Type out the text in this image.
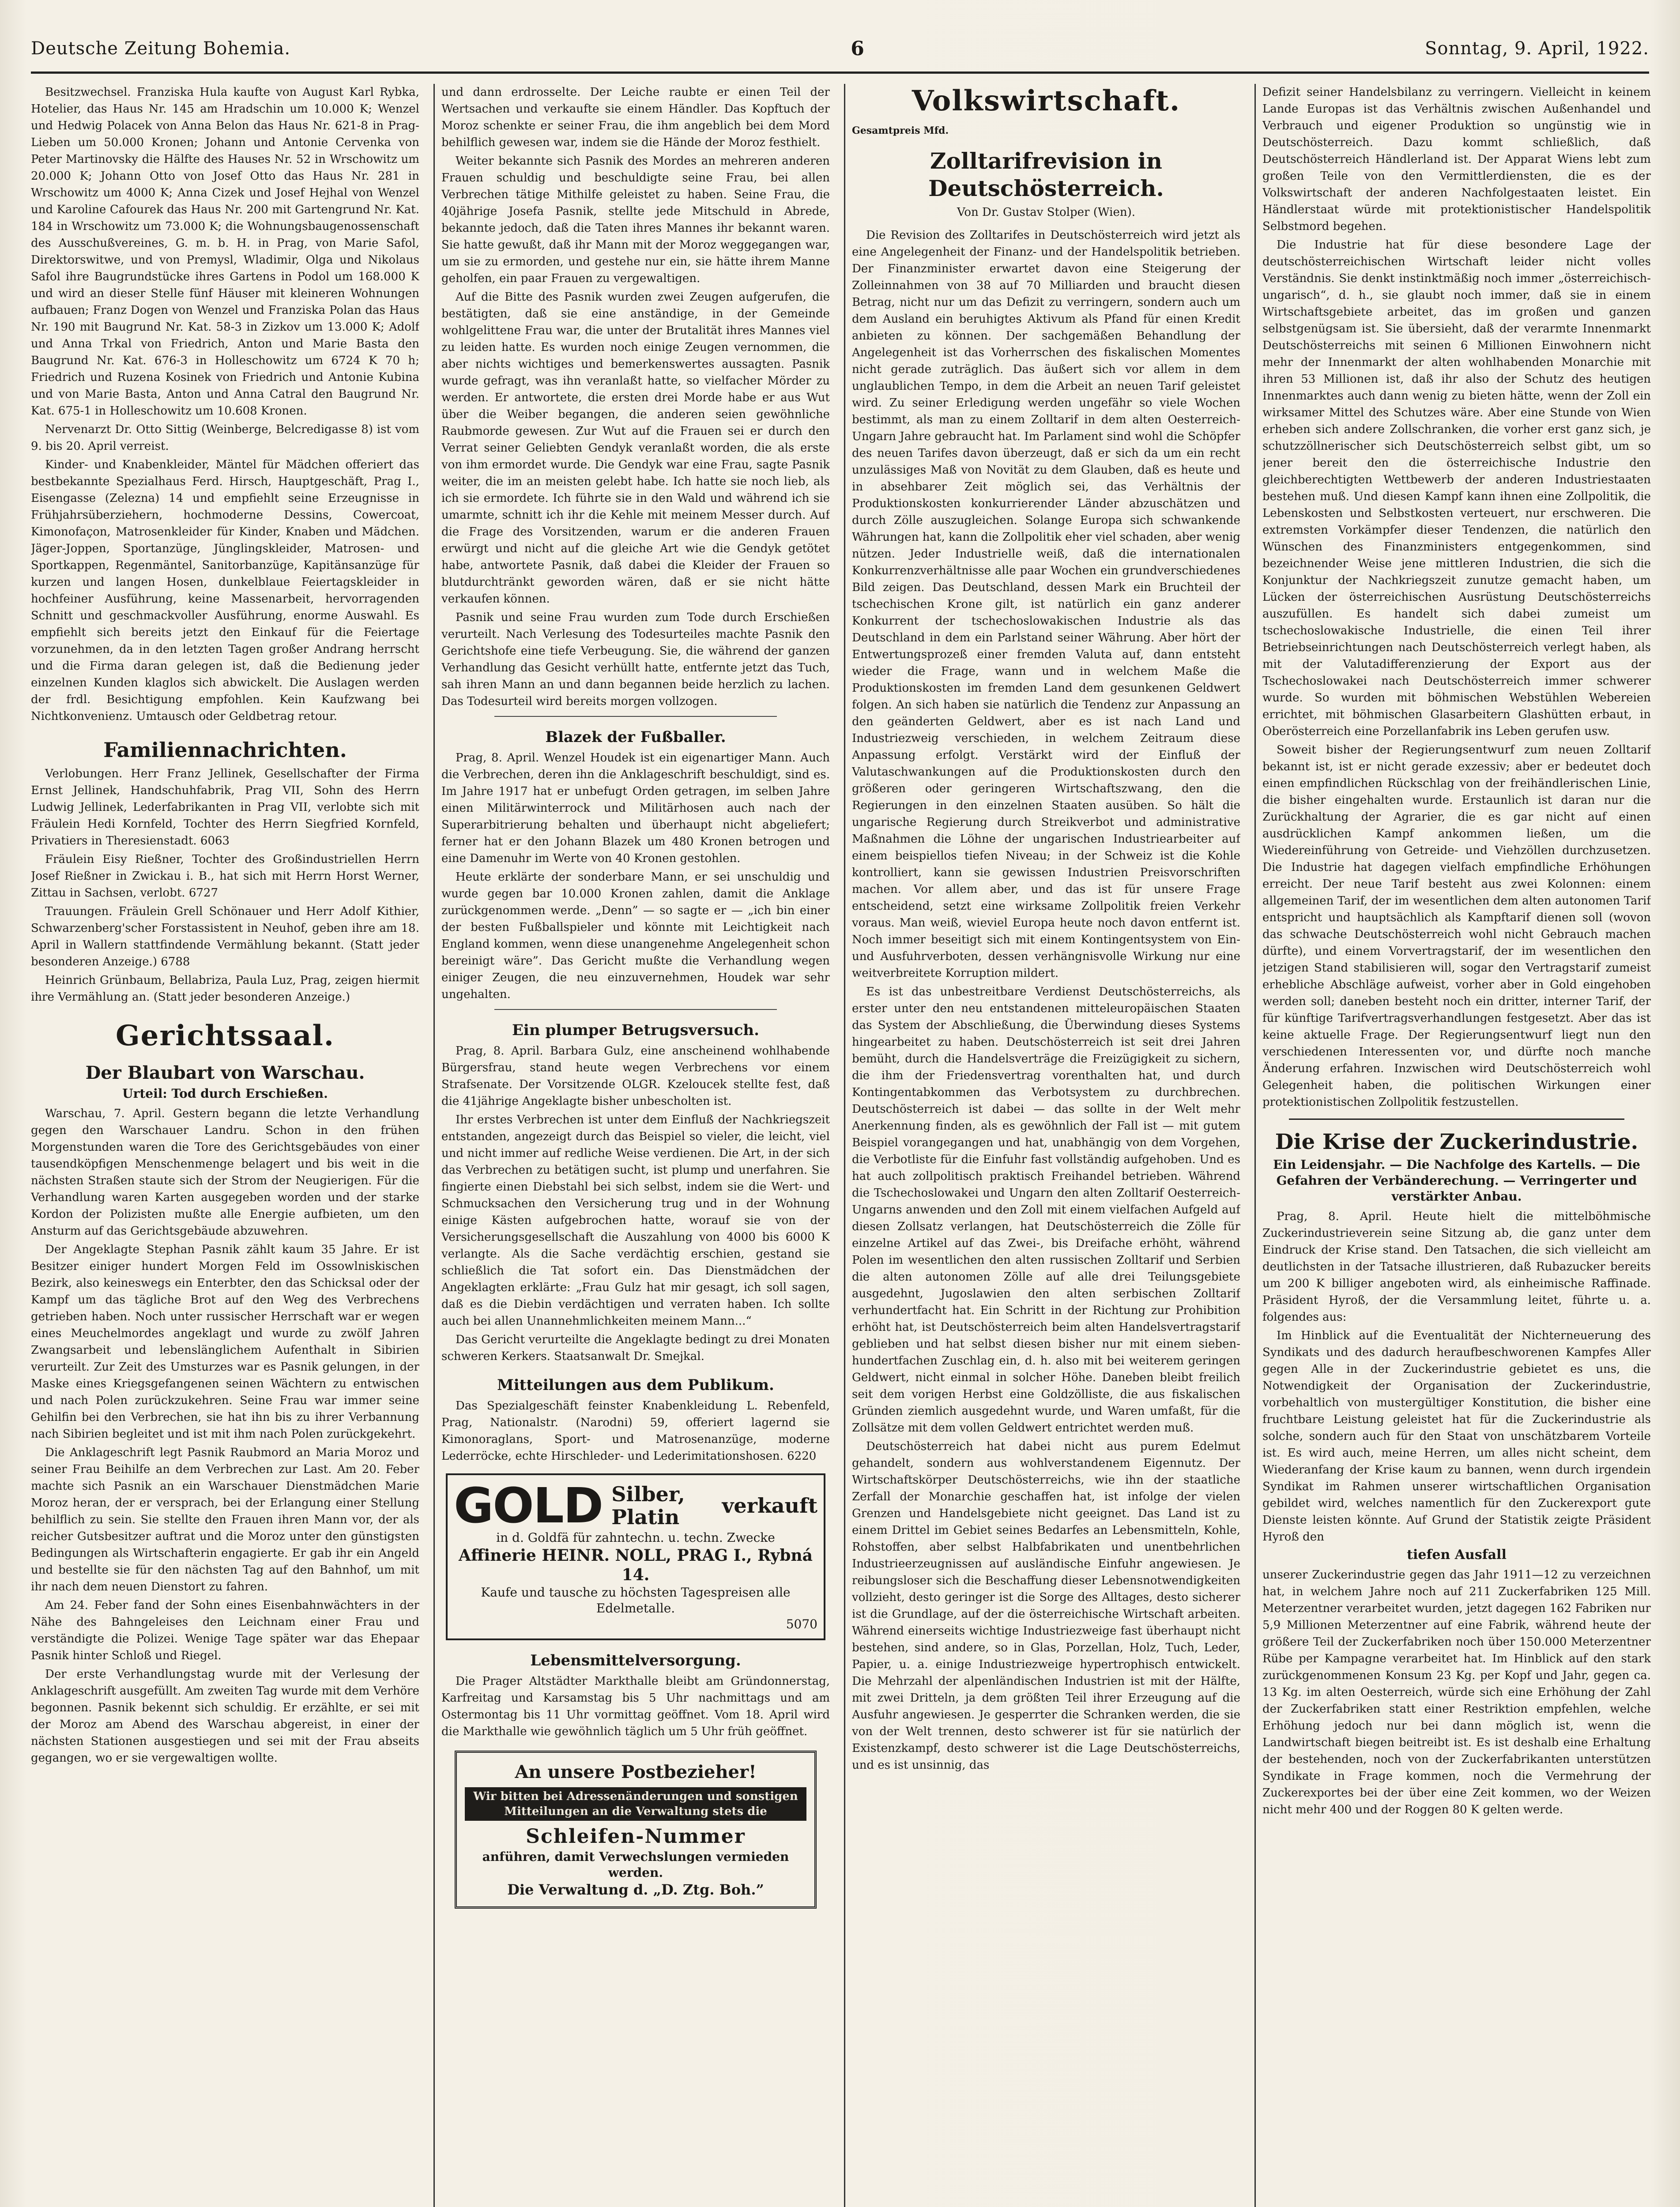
Deutsche Zeitung Bohemia.	6	Sonntag, 9. April, 1922.

Besitzwechsel. Franziska Hula kaufte von August Karl Rybka, Hotelier, das Haus Nr. 145 am Hradschin um 10.000 K; Wenzel und Hedwig Polacek von Anna Belon das Haus Nr. 621-8 in Prag-Lieben um 50.000 Kronen; Johann und Antonie Cervenka von Peter Martinovsky die Hälfte des Hauses Nr. 52 in Wrschowitz um 20.000 K; Johann Otto von Josef Otto das Haus Nr. 281 in Wrschowitz um 4000 K; Anna Cizek und Josef Hejhal von Wenzel und Karoline Cafourek das Haus Nr. 200 mit Gartengrund Nr. Kat. 184 in Wrschowitz um 73.000 K; die Wohnungsbaugenossenschaft des Ausschußvereines, G. m. b. H. in Prag, von Marie Safol, Direktorswitwe, und von Premysl, Wladimir, Olga und Nikolaus Safol ihre Baugrundstücke ihres Gartens in Podol um 168.000 K und wird an dieser Stelle fünf Häuser mit kleineren Wohnungen aufbauen; Franz Dogen von Wenzel und Franziska Polan das Haus Nr. 190 mit Baugrund Nr. Kat. 58-3 in Zizkov um 13.000 K; Adolf und Anna Trkal von Friedrich, Anton und Marie Basta den Baugrund Nr. Kat. 676-3 in Holleschowitz um 6724 K 70 h; Friedrich und Ruzena Kosinek von Friedrich und Antonie Kubina und von Marie Basta, Anton und Anna Catral den Baugrund Nr. Kat. 675-1 in Holleschowitz um 10.608 Kronen.

Nervenarzt Dr. Otto Sittig (Weinberge, Belcredigasse 8) ist vom 9. bis 20. April verreist.

Kinder- und Knabenkleider, Mäntel für Mädchen offeriert das bestbekannte Spezialhaus Ferd. Hirsch, Hauptgeschäft, Prag I., Eisengasse (Zelezna) 14 und empfiehlt seine Erzeugnisse in Frühjahrsüberziehern, hochmoderne Dessins, Cowercoat, Kimonofaçon, Matrosenkleider für Kinder, Knaben und Mädchen. Jäger-Joppen, Sportanzüge, Jünglingskleider, Matrosen- und Sportkappen, Regenmäntel, Sanitorbanzüge, Kapitänsanzüge für kurzen und langen Hosen, dunkelblaue Feiertagskleider in hochfeiner Ausführung, keine Massenarbeit, hervorragenden Schnitt und geschmackvoller Ausführung, enorme Auswahl. Es empfiehlt sich bereits jetzt den Einkauf für die Feiertage vorzunehmen, da in den letzten Tagen großer Andrang herrscht und die Firma daran gelegen ist, daß die Bedienung jeder einzelnen Kunden klaglos sich abwickelt. Die Auslagen werden der frdl. Besichtigung empfohlen. Kein Kaufzwang bei Nichtkonvenienz. Umtausch oder Geldbetrag retour.

Familiennachrichten.

Verlobungen. Herr Franz Jellinek, Gesellschafter der Firma Ernst Jellinek, Handschuhfabrik, Prag VII, Sohn des Herrn Ludwig Jellinek, Lederfabrikanten in Prag VII, verlobte sich mit Fräulein Hedi Kornfeld, Tochter des Herrn Siegfried Kornfeld, Privatiers in Theresienstadt. 6063

Fräulein Eisy Rießner, Tochter des Großindustriellen Herrn Josef Rießner in Zwickau i. B., hat sich mit Herrn Horst Werner, Zittau in Sachsen, verlobt. 6727

Trauungen. Fräulein Grell Schönauer und Herr Adolf Kithier, Schwarzenberg'scher Forstassistent in Neuhof, geben ihre am 18. April in Wallern stattfindende Vermählung bekannt. (Statt jeder besonderen Anzeige.) 6788

Heinrich Grünbaum, Bellabriza, Paula Luz, Prag, zeigen hiermit ihre Vermählung an. (Statt jeder besonderen Anzeige.)

Gerichtssaal.
Der Blaubart von Warschau.
Urteil: Tod durch Erschießen.

Warschau, 7. April. Gestern begann die letzte Verhandlung gegen den Warschauer Landru. Schon in den frühen Morgenstunden waren die Tore des Gerichtsgebäudes von einer tausendköpfigen Menschenmenge belagert und bis weit in die nächsten Straßen staute sich der Strom der Neugierigen. Für die Verhandlung waren Karten ausgegeben worden und der starke Kordon der Polizisten mußte alle Energie aufbieten, um den Ansturm auf das Gerichtsgebäude abzuwehren.

Der Angeklagte Stephan Pasnik zählt kaum 35 Jahre. Er ist Besitzer einiger hundert Morgen Feld im Ossowlniskischen Bezirk, also keineswegs ein Enterbter, den das Schicksal oder der Kampf um das tägliche Brot auf den Weg des Verbrechens getrieben haben. Noch unter russischer Herrschaft war er wegen eines Meuchelmordes angeklagt und wurde zu zwölf Jahren Zwangsarbeit und lebenslänglichem Aufenthalt in Sibirien verurteilt. Zur Zeit des Umsturzes war es Pasnik gelungen, in der Maske eines Kriegsgefangenen seinen Wächtern zu entwischen und nach Polen zurückzukehren. Seine Frau war immer seine Gehilfin bei den Verbrechen, sie hat ihn bis zu ihrer Verbannung nach Sibirien begleitet und ist mit ihm nach Polen zurückgekehrt.

Die Anklageschrift legt Pasnik Raubmord an Maria Moroz und seiner Frau Beihilfe an dem Verbrechen zur Last. Am 20. Feber machte sich Pasnik an ein Warschauer Dienstmädchen Marie Moroz heran, der er versprach, bei der Erlangung einer Stellung behilflich zu sein. Sie stellte den Frauen ihren Mann vor, der als reicher Gutsbesitzer auftrat und die Moroz unter den günstigsten Bedingungen als Wirtschafterin engagierte. Er gab ihr ein Angeld und bestellte sie für den nächsten Tag auf den Bahnhof, um mit ihr nach dem neuen Dienstort zu fahren.

Am 24. Feber fand der Sohn eines Eisenbahnwächters in der Nähe des Bahngeleises den Leichnam einer Frau und verständigte die Polizei. Wenige Tage später war das Ehepaar Pasnik hinter Schloß und Riegel.

Der erste Verhandlungstag wurde mit der Verlesung der Anklageschrift ausgefüllt. Am zweiten Tag wurde mit dem Verhöre begonnen. Pasnik bekennt sich schuldig. Er erzählte, er sei mit der Moroz am Abend des Warschau abgereist, in einer der nächsten Stationen ausgestiegen und sei mit der Frau abseits gegangen, wo er sie vergewaltigen wollte.

und dann erdrosselte. Der Leiche raubte er einen Teil der Wertsachen und verkaufte sie einem Händler. Das Kopftuch der Moroz schenkte er seiner Frau, die ihm angeblich bei dem Mord behilflich gewesen war, indem sie die Hände der Moroz festhielt.

Weiter bekannte sich Pasnik des Mordes an mehreren anderen Frauen schuldig und beschuldigte seine Frau, bei allen Verbrechen tätige Mithilfe geleistet zu haben. Seine Frau, die 40jährige Josefa Pasnik, stellte jede Mitschuld in Abrede, bekannte jedoch, daß die Taten ihres Mannes ihr bekannt waren. Sie hatte gewußt, daß ihr Mann mit der Moroz weggegangen war, um sie zu ermorden, und gestehe nur ein, sie hätte ihrem Manne geholfen, ein paar Frauen zu vergewaltigen.

Auf die Bitte des Pasnik wurden zwei Zeugen aufgerufen, die bestätigten, daß sie eine anständige, in der Gemeinde wohlgelittene Frau war, die unter der Brutalität ihres Mannes viel zu leiden hatte. Es wurden noch einige Zeugen vernommen, die aber nichts wichtiges und bemerkenswertes aussagten. Pasnik wurde gefragt, was ihn veranlaßt hatte, so vielfacher Mörder zu werden. Er antwortete, die ersten drei Morde habe er aus Wut über die Weiber begangen, die anderen seien gewöhnliche Raubmorde gewesen. Zur Wut auf die Frauen sei er durch den Verrat seiner Geliebten Gendyk veranlaßt worden, die als erste von ihm ermordet wurde. Die Gendyk war eine Frau, sagte Pasnik weiter, die im an meisten gelebt habe. Ich hatte sie noch lieb, als ich sie ermordete. Ich führte sie in den Wald und während ich sie umarmte, schnitt ich ihr die Kehle mit meinem Messer durch. Auf die Frage des Vorsitzenden, warum er die anderen Frauen erwürgt und nicht auf die gleiche Art wie die Gendyk getötet habe, antwortete Pasnik, daß dabei die Kleider der Frauen so blutdurchtränkt geworden wären, daß er sie nicht hätte verkaufen können.

Pasnik und seine Frau wurden zum Tode durch Erschießen verurteilt. Nach Verlesung des Todesurteiles machte Pasnik den Gerichtshofe eine tiefe Verbeugung. Sie, die während der ganzen Verhandlung das Gesicht verhüllt hatte, entfernte jetzt das Tuch, sah ihren Mann an und dann begannen beide herzlich zu lachen. Das Todesurteil wird bereits morgen vollzogen.

Blazek der Fußballer.

Prag, 8. April. Wenzel Houdek ist ein eigenartiger Mann. Auch die Verbrechen, deren ihn die Anklageschrift beschuldigt, sind es. Im Jahre 1917 hat er unbefugt Orden getragen, im selben Jahre einen Militärwinterrock und Militärhosen auch nach der Superarbitrierung behalten und überhaupt nicht abgeliefert; ferner hat er den Johann Blazek um 480 Kronen betrogen und eine Damenuhr im Werte von 40 Kronen gestohlen.

Heute erklärte der sonderbare Mann, er sei unschuldig und wurde gegen bar 10.000 Kronen zahlen, damit die Anklage zurückgenommen werde. „Denn” — so sagte er — „ich bin einer der besten Fußballspieler und könnte mit Leichtigkeit nach England kommen, wenn diese unangenehme Angelegenheit schon bereinigt wäre”. Das Gericht mußte die Verhandlung wegen einiger Zeugen, die neu einzuvernehmen, Houdek war sehr ungehalten.

Ein plumper Betrugsversuch.

Prag, 8. April. Barbara Gulz, eine anscheinend wohlhabende Bürgersfrau, stand heute wegen Verbrechens vor einem Strafsenate. Der Vorsitzende OLGR. Kzeloucek stellte fest, daß die 41jährige Angeklagte bisher unbescholten ist.

Ihr erstes Verbrechen ist unter dem Einfluß der Nachkriegszeit entstanden, angezeigt durch das Beispiel so vieler, die leicht, viel und nicht immer auf redliche Weise verdienen. Die Art, in der sich das Verbrechen zu betätigen sucht, ist plump und unerfahren. Sie fingierte einen Diebstahl bei sich selbst, indem sie die Wert- und Schmucksachen den Versicherung trug und in der Wohnung einige Kästen aufgebrochen hatte, worauf sie von der Versicherungsgesellschaft die Auszahlung von 4000 bis 6000 K verlangte. Als die Sache verdächtig erschien, gestand sie schließlich die Tat sofort ein. Das Dienstmädchen der Angeklagten erklärte: „Frau Gulz hat mir gesagt, ich soll sagen, daß es die Diebin verdächtigen und verraten haben. Ich sollte auch bei allen Unannehmlichkeiten meinem Mann...“

Das Gericht verurteilte die Angeklagte bedingt zu drei Monaten schweren Kerkers. Staatsanwalt Dr. Smejkal.

Mitteilungen aus dem Publikum.

Das Spezialgeschäft feinster Knabenkleidung L. Rebenfeld, Prag, Nationalstr. (Narodni) 59, offeriert lagernd sie Kimonoraglans, Sport- und Matrosenanzüge, moderne Lederröcke, echte Hirschleder- und Lederimitationshosen. 6220

GOLD Silber, Platin	verkauft
in d. Goldfä für zahntechn. u. techn. Zwecke
Affinerie HEINR. NOLL, PRAG I., Rybná 14.
Kaufe und tausche zu höchsten Tagespreisen alle Edelmetalle.
5070
Lebensmittelversorgung.

Die Prager Altstädter Markthalle bleibt am Gründonnerstag, Karfreitag und Karsamstag bis 5 Uhr nachmittags und am Ostermontag bis 11 Uhr vormittag geöffnet. Vom 18. April wird die Markthalle wie gewöhnlich täglich um 5 Uhr früh geöffnet.

An unsere Postbezieher!
Wir bitten bei Adressenänderungen und sonstigen Mitteilungen an die Verwaltung stets die
Schleifen-Nummer
anführen, damit Verwechslungen vermieden werden.
Die Verwaltung d. „D. Ztg. Boh.”
Volkswirtschaft.
Gesamtpreis Mfd.
Zolltarifrevision in Deutschösterreich.
Von Dr. Gustav Stolper (Wien).

Die Revision des Zolltarifes in Deutschösterreich wird jetzt als eine Angelegenheit der Finanz- und der Handelspolitik betrieben. Der Finanzminister erwartet davon eine Steigerung der Zolleinnahmen von 38 auf 70 Milliarden und braucht diesen Betrag, nicht nur um das Defizit zu verringern, sondern auch um dem Ausland ein beruhigtes Aktivum als Pfand für einen Kredit anbieten zu können. Der sachgemäßen Behandlung der Angelegenheit ist das Vorherrschen des fiskalischen Momentes nicht gerade zuträglich. Das äußert sich vor allem in dem unglaublichen Tempo, in dem die Arbeit an neuen Tarif geleistet wird. Zu seiner Erledigung werden ungefähr so viele Wochen bestimmt, als man zu einem Zolltarif in dem alten Oesterreich-Ungarn Jahre gebraucht hat. Im Parlament sind wohl die Schöpfer des neuen Tarifes davon überzeugt, daß er sich da um ein recht unzulässiges Maß von Novität zu dem Glauben, daß es heute und in absehbarer Zeit möglich sei, das Verhältnis der Produktionskosten konkurrierender Länder abzuschätzen und durch Zölle auszugleichen. Solange Europa sich schwankende Währungen hat, kann die Zollpolitik eher viel schaden, aber wenig nützen. Jeder Industrielle weiß, daß die internationalen Konkurrenzverhältnisse alle paar Wochen ein grundverschiedenes Bild zeigen. Das Deutschland, dessen Mark ein Bruchteil der tschechischen Krone gilt, ist natürlich ein ganz anderer Konkurrent der tschechoslowakischen Industrie als das Deutschland in dem ein Parlstand seiner Währung. Aber hört der Entwertungsprozeß einer fremden Valuta auf, dann entsteht wieder die Frage, wann und in welchem Maße die Produktionskosten im fremden Land dem gesunkenen Geldwert folgen. An sich haben sie natürlich die Tendenz zur Anpassung an den geänderten Geldwert, aber es ist nach Land und Industriezweig verschieden, in welchem Zeitraum diese Anpassung erfolgt. Verstärkt wird der Einfluß der Valutaschwankungen auf die Produktionskosten durch den größeren oder geringeren Wirtschaftszwang, den die Regierungen in den einzelnen Staaten ausüben. So hält die ungarische Regierung durch Streikverbot und administrative Maßnahmen die Löhne der ungarischen Industriearbeiter auf einem beispiellos tiefen Niveau; in der Schweiz ist die Kohle kontrolliert, kann sie gewissen Industrien Preisvorschriften machen. Vor allem aber, und das ist für unsere Frage entscheidend, setzt eine wirksame Zollpolitik freien Verkehr voraus. Man weiß, wieviel Europa heute noch davon entfernt ist. Noch immer beseitigt sich mit einem Kontingentsystem von Ein- und Ausfuhrverboten, dessen verhängnisvolle Wirkung nur eine weitverbreitete Korruption mildert.

Es ist das unbestreitbare Verdienst Deutschösterreichs, als erster unter den neu entstandenen mitteleuropäischen Staaten das System der Abschließung, die Überwindung dieses Systems hingearbeitet zu haben. Deutschösterreich ist seit drei Jahren bemüht, durch die Handelsverträge die Freizügigkeit zu sichern, die ihm der Friedensvertrag vorenthalten hat, und durch Kontingentabkommen das Verbotsystem zu durchbrechen. Deutschösterreich ist dabei — das sollte in der Welt mehr Anerkennung finden, als es gewöhnlich der Fall ist — mit gutem Beispiel vorangegangen und hat, unabhängig von dem Vorgehen, die Verbotliste für die Einfuhr fast vollständig aufgehoben. Und es hat auch zollpolitisch praktisch Freihandel betrieben. Während die Tschechoslowakei und Ungarn den alten Zolltarif Oesterreich-Ungarns anwenden und den Zoll mit einem vielfachen Aufgeld auf diesen Zollsatz verlangen, hat Deutschösterreich die Zölle für einzelne Artikel auf das Zwei-, bis Dreifache erhöht, während Polen im wesentlichen den alten russischen Zolltarif und Serbien die alten autonomen Zölle auf alle drei Teilungsgebiete ausgedehnt, Jugoslawien den alten serbischen Zolltarif verhundertfacht hat. Ein Schritt in der Richtung zur Prohibition erhöht hat, ist Deutschösterreich beim alten Handelsvertragstarif geblieben und hat selbst diesen bisher nur mit einem sieben-hundertfachen Zuschlag ein, d. h. also mit bei weiterem geringen Geldwert, nicht einmal in solcher Höhe. Daneben bleibt freilich seit dem vorigen Herbst eine Goldzölliste, die aus fiskalischen Gründen ziemlich ausgedehnt wurde, und Waren umfaßt, für die Zollsätze mit dem vollen Geldwert entrichtet werden muß.

Deutschösterreich hat dabei nicht aus purem Edelmut gehandelt, sondern aus wohlverstandenem Eigennutz. Der Wirtschaftskörper Deutschösterreichs, wie ihn der staatliche Zerfall der Monarchie geschaffen hat, ist infolge der vielen Grenzen und Handelsgebiete nicht geeignet. Das Land ist zu einem Drittel im Gebiet seines Bedarfes an Lebensmitteln, Kohle, Rohstoffen, aber selbst Halbfabrikaten und unentbehrlichen Industrieerzeugnissen auf ausländische Einfuhr angewiesen. Je reibungsloser sich die Beschaffung dieser Lebensnotwendigkeiten vollzieht, desto geringer ist die Sorge des Alltages, desto sicherer ist die Grundlage, auf der die österreichische Wirtschaft arbeiten. Während einerseits wichtige Industriezweige fast überhaupt nicht bestehen, sind andere, so in Glas, Porzellan, Holz, Tuch, Leder, Papier, u. a. einige Industriezweige hypertrophisch entwickelt. Die Mehrzahl der alpenländischen Industrien ist mit der Hälfte, mit zwei Dritteln, ja dem größten Teil ihrer Erzeugung auf die Ausfuhr angewiesen. Je gesperrter die Schranken werden, die sie von der Welt trennen, desto schwerer ist für sie natürlich der Existenzkampf, desto schwerer ist die Lage Deutschösterreichs, und es ist unsinnig, das

Defizit seiner Handelsbilanz zu verringern. Vielleicht in keinem Lande Europas ist das Verhältnis zwischen Außenhandel und Verbrauch und eigener Produktion so ungünstig wie in Deutschösterreich. Dazu kommt schließlich, daß Deutschösterreich Händlerland ist. Der Apparat Wiens lebt zum großen Teile von den Vermittlerdiensten, die es der Volkswirtschaft der anderen Nachfolgestaaten leistet. Ein Händlerstaat würde mit protektionistischer Handelspolitik Selbstmord begehen.

Die Industrie hat für diese besondere Lage der deutschösterreichischen Wirtschaft leider nicht volles Verständnis. Sie denkt instinktmäßig noch immer „österreichisch-ungarisch“, d. h., sie glaubt noch immer, daß sie in einem Wirtschaftsgebiete arbeitet, das im großen und ganzen selbstgenügsam ist. Sie übersieht, daß der verarmte Innenmarkt Deutschösterreichs mit seinen 6 Millionen Einwohnern nicht mehr der Innenmarkt der alten wohlhabenden Monarchie mit ihren 53 Millionen ist, daß ihr also der Schutz des heutigen Innenmarktes auch dann wenig zu bieten hätte, wenn der Zoll ein wirksamer Mittel des Schutzes wäre. Aber eine Stunde von Wien erheben sich andere Zollschranken, die vorher erst ganz sich, je schutzzöllnerischer sich Deutschösterreich selbst gibt, um so jener bereit den die österreichische Industrie den gleichberechtigten Wettbewerb der anderen Industriestaaten bestehen muß. Und diesen Kampf kann ihnen eine Zollpolitik, die Lebenskosten und Selbstkosten verteuert, nur erschweren. Die extremsten Vorkämpfer dieser Tendenzen, die natürlich den Wünschen des Finanzministers entgegenkommen, sind bezeichnender Weise jene mittleren Industrien, die sich die Konjunktur der Nachkriegszeit zunutze gemacht haben, um Lücken der österreichischen Ausrüstung Deutschösterreichs auszufüllen. Es handelt sich dabei zumeist um tschechoslowakische Industrielle, die einen Teil ihrer Betriebseinrichtungen nach Deutschösterreich verlegt haben, als mit der Valutadifferenzierung der Export aus der Tschechoslowakei nach Deutschösterreich immer schwerer wurde. So wurden mit böhmischen Webstühlen Webereien errichtet, mit böhmischen Glasarbeitern Glashütten erbaut, in Oberösterreich eine Porzellanfabrik ins Leben gerufen usw.

Soweit bisher der Regierungsentwurf zum neuen Zolltarif bekannt ist, ist er nicht gerade exzessiv; aber er bedeutet doch einen empfindlichen Rückschlag von der freihändlerischen Linie, die bisher eingehalten wurde. Erstaunlich ist daran nur die Zurückhaltung der Agrarier, die es gar nicht auf einen ausdrücklichen Kampf ankommen ließen, um die Wiedereinführung von Getreide- und Viehzöllen durchzusetzen. Die Industrie hat dagegen vielfach empfindliche Erhöhungen erreicht. Der neue Tarif besteht aus zwei Kolonnen: einem allgemeinen Tarif, der im wesentlichen dem alten autonomen Tarif entspricht und hauptsächlich als Kampftarif dienen soll (wovon das schwache Deutschösterreich wohl nicht Gebrauch machen dürfte), und einem Vorvertragstarif, der im wesentlichen den jetzigen Stand stabilisieren will, sogar den Vertragstarif zumeist erhebliche Abschläge aufweist, vorher aber in Gold eingehoben werden soll; daneben besteht noch ein dritter, interner Tarif, der für künftige Tarifvertragsverhandlungen festgesetzt. Aber das ist keine aktuelle Frage. Der Regierungsentwurf liegt nun den verschiedenen Interessenten vor, und dürfte noch manche Änderung erfahren. Inzwischen wird Deutschösterreich wohl Gelegenheit haben, die politischen Wirkungen einer protektionistischen Zollpolitik festzustellen.

Die Krise der Zuckerindustrie.
Ein Leidensjahr. — Die Nachfolge des Kartells. — Die Gefahren der Verbänderechung. — Verringerter und verstärkter Anbau.

Prag, 8. April. Heute hielt die mittelböhmische Zuckerindustrieverein seine Sitzung ab, die ganz unter dem Eindruck der Krise stand. Den Tatsachen, die sich vielleicht am deutlichsten in der Tatsache illustrieren, daß Rubazucker bereits um 200 K billiger angeboten wird, als einheimische Raffinade. Präsident Hyroß, der die Versammlung leitet, führte u. a. folgendes aus:

Im Hinblick auf die Eventualität der Nichterneuerung des Syndikats und des dadurch heraufbeschworenen Kampfes Aller gegen Alle in der Zuckerindustrie gebietet es uns, die Notwendigkeit der Organisation der Zuckerindustrie, vorbehaltlich von mustergültiger Konstitution, die bisher eine fruchtbare Leistung geleistet hat für die Zuckerindustrie als solche, sondern auch für den Staat von unschätzbarem Vorteile ist. Es wird auch, meine Herren, um alles nicht scheint, dem Wiederanfang der Krise kaum zu bannen, wenn durch irgendein Syndikat im Rahmen unserer wirtschaftlichen Organisation gebildet wird, welches namentlich für den Zuckerexport gute Dienste leisten könnte. Auf Grund der Statistik zeigte Präsident Hyroß den

tiefen Ausfall

unserer Zuckerindustrie gegen das Jahr 1911—12 zu verzeichnen hat, in welchem Jahre noch auf 211 Zuckerfabriken 125 Mill. Meterzentner verarbeitet wurden, jetzt dagegen 162 Fabriken nur 5,9 Millionen Meterzentner auf eine Fabrik, während heute der größere Teil der Zuckerfabriken noch über 150.000 Meterzentner Rübe per Kampagne verarbeitet hat. Im Hinblick auf den stark zurückgenommenen Konsum 23 Kg. per Kopf und Jahr, gegen ca. 13 Kg. im alten Oesterreich, würde sich eine Erhöhung der Zahl der Zuckerfabriken statt einer Restriktion empfehlen, welche Erhöhung jedoch nur bei dann möglich ist, wenn die Landwirtschaft biegen beitreibt ist. Es ist deshalb eine Erhaltung der bestehenden, noch von der Zuckerfabrikanten unterstützen Syndikate in Frage kommen, noch die Vermehrung der Zuckerexportes bei der über eine Zeit kommen, wo der Weizen nicht mehr 400 und der Roggen 80 K gelten werde.
